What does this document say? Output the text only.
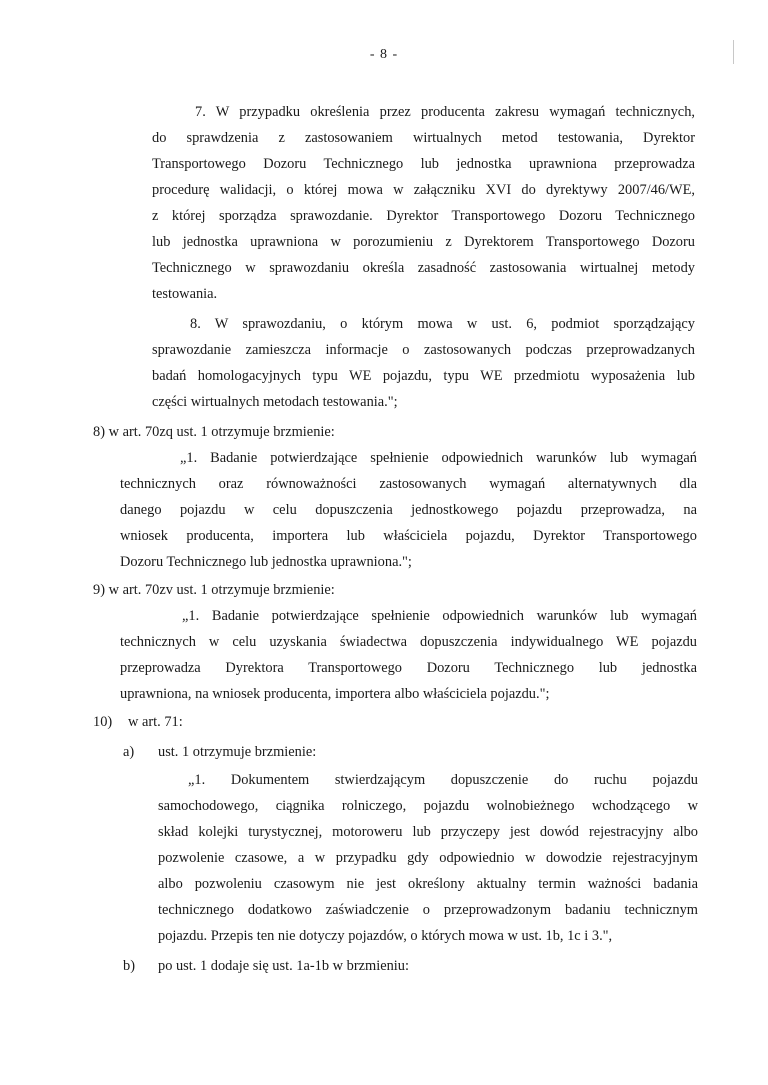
- 8 -
7. W przypadku określenia przez producenta zakresu wymagań technicznych,
do sprawdzenia z zastosowaniem wirtualnych metod testowania, Dyrektor
Transportowego Dozoru Technicznego lub jednostka uprawniona przeprowadza
procedurę walidacji, o której mowa w załączniku XVI do dyrektywy 2007/46/WE,
z której sporządza sprawozdanie. Dyrektor Transportowego Dozoru Technicznego
lub jednostka uprawniona w porozumieniu z Dyrektorem Transportowego Dozoru
Technicznego w sprawozdaniu określa zasadność zastosowania wirtualnej metody
testowania.
8. W sprawozdaniu, o którym mowa w ust. 6, podmiot sporządzający
sprawozdanie zamieszcza informacje o zastosowanych podczas przeprowadzanych
badań homologacyjnych typu WE pojazdu, typu WE przedmiotu wyposażenia lub
części wirtualnych metodach testowania.";
8) w art. 70zq ust. 1 otrzymuje brzmienie:
„1. Badanie potwierdzające spełnienie odpowiednich warunków lub wymagań
technicznych oraz równoważności zastosowanych wymagań alternatywnych dla
danego pojazdu w celu dopuszczenia jednostkowego pojazdu przeprowadza, na
wniosek producenta, importera lub właściciela pojazdu, Dyrektor Transportowego
Dozoru Technicznego lub jednostka uprawniona.";
9) w art. 70zv ust. 1 otrzymuje brzmienie:
„1. Badanie potwierdzające spełnienie odpowiednich warunków lub wymagań
technicznych w celu uzyskania świadectwa dopuszczenia indywidualnego WE pojazdu
przeprowadza Dyrektora Transportowego Dozoru Technicznego lub jednostka
uprawniona, na wniosek producenta, importera albo właściciela pojazdu.";
10) w art. 71:
a) ust. 1 otrzymuje brzmienie:
„1. Dokumentem stwierdzającym dopuszczenie do ruchu pojazdu
samochodowego, ciągnika rolniczego, pojazdu wolnobieżnego wchodzącego w
skład kolejki turystycznej, motoroweru lub przyczepy jest dowód rejestracyjny albo
pozwolenie czasowe, a w przypadku gdy odpowiednio w dowodzie rejestracyjnym
albo pozwoleniu czasowym nie jest określony aktualny termin ważności badania
technicznego dodatkowo zaświadczenie o przeprowadzonym badaniu technicznym
pojazdu. Przepis ten nie dotyczy pojazdów, o których mowa w ust. 1b, 1c i 3.",
b) po ust. 1 dodaje się ust. 1a-1b w brzmieniu:
